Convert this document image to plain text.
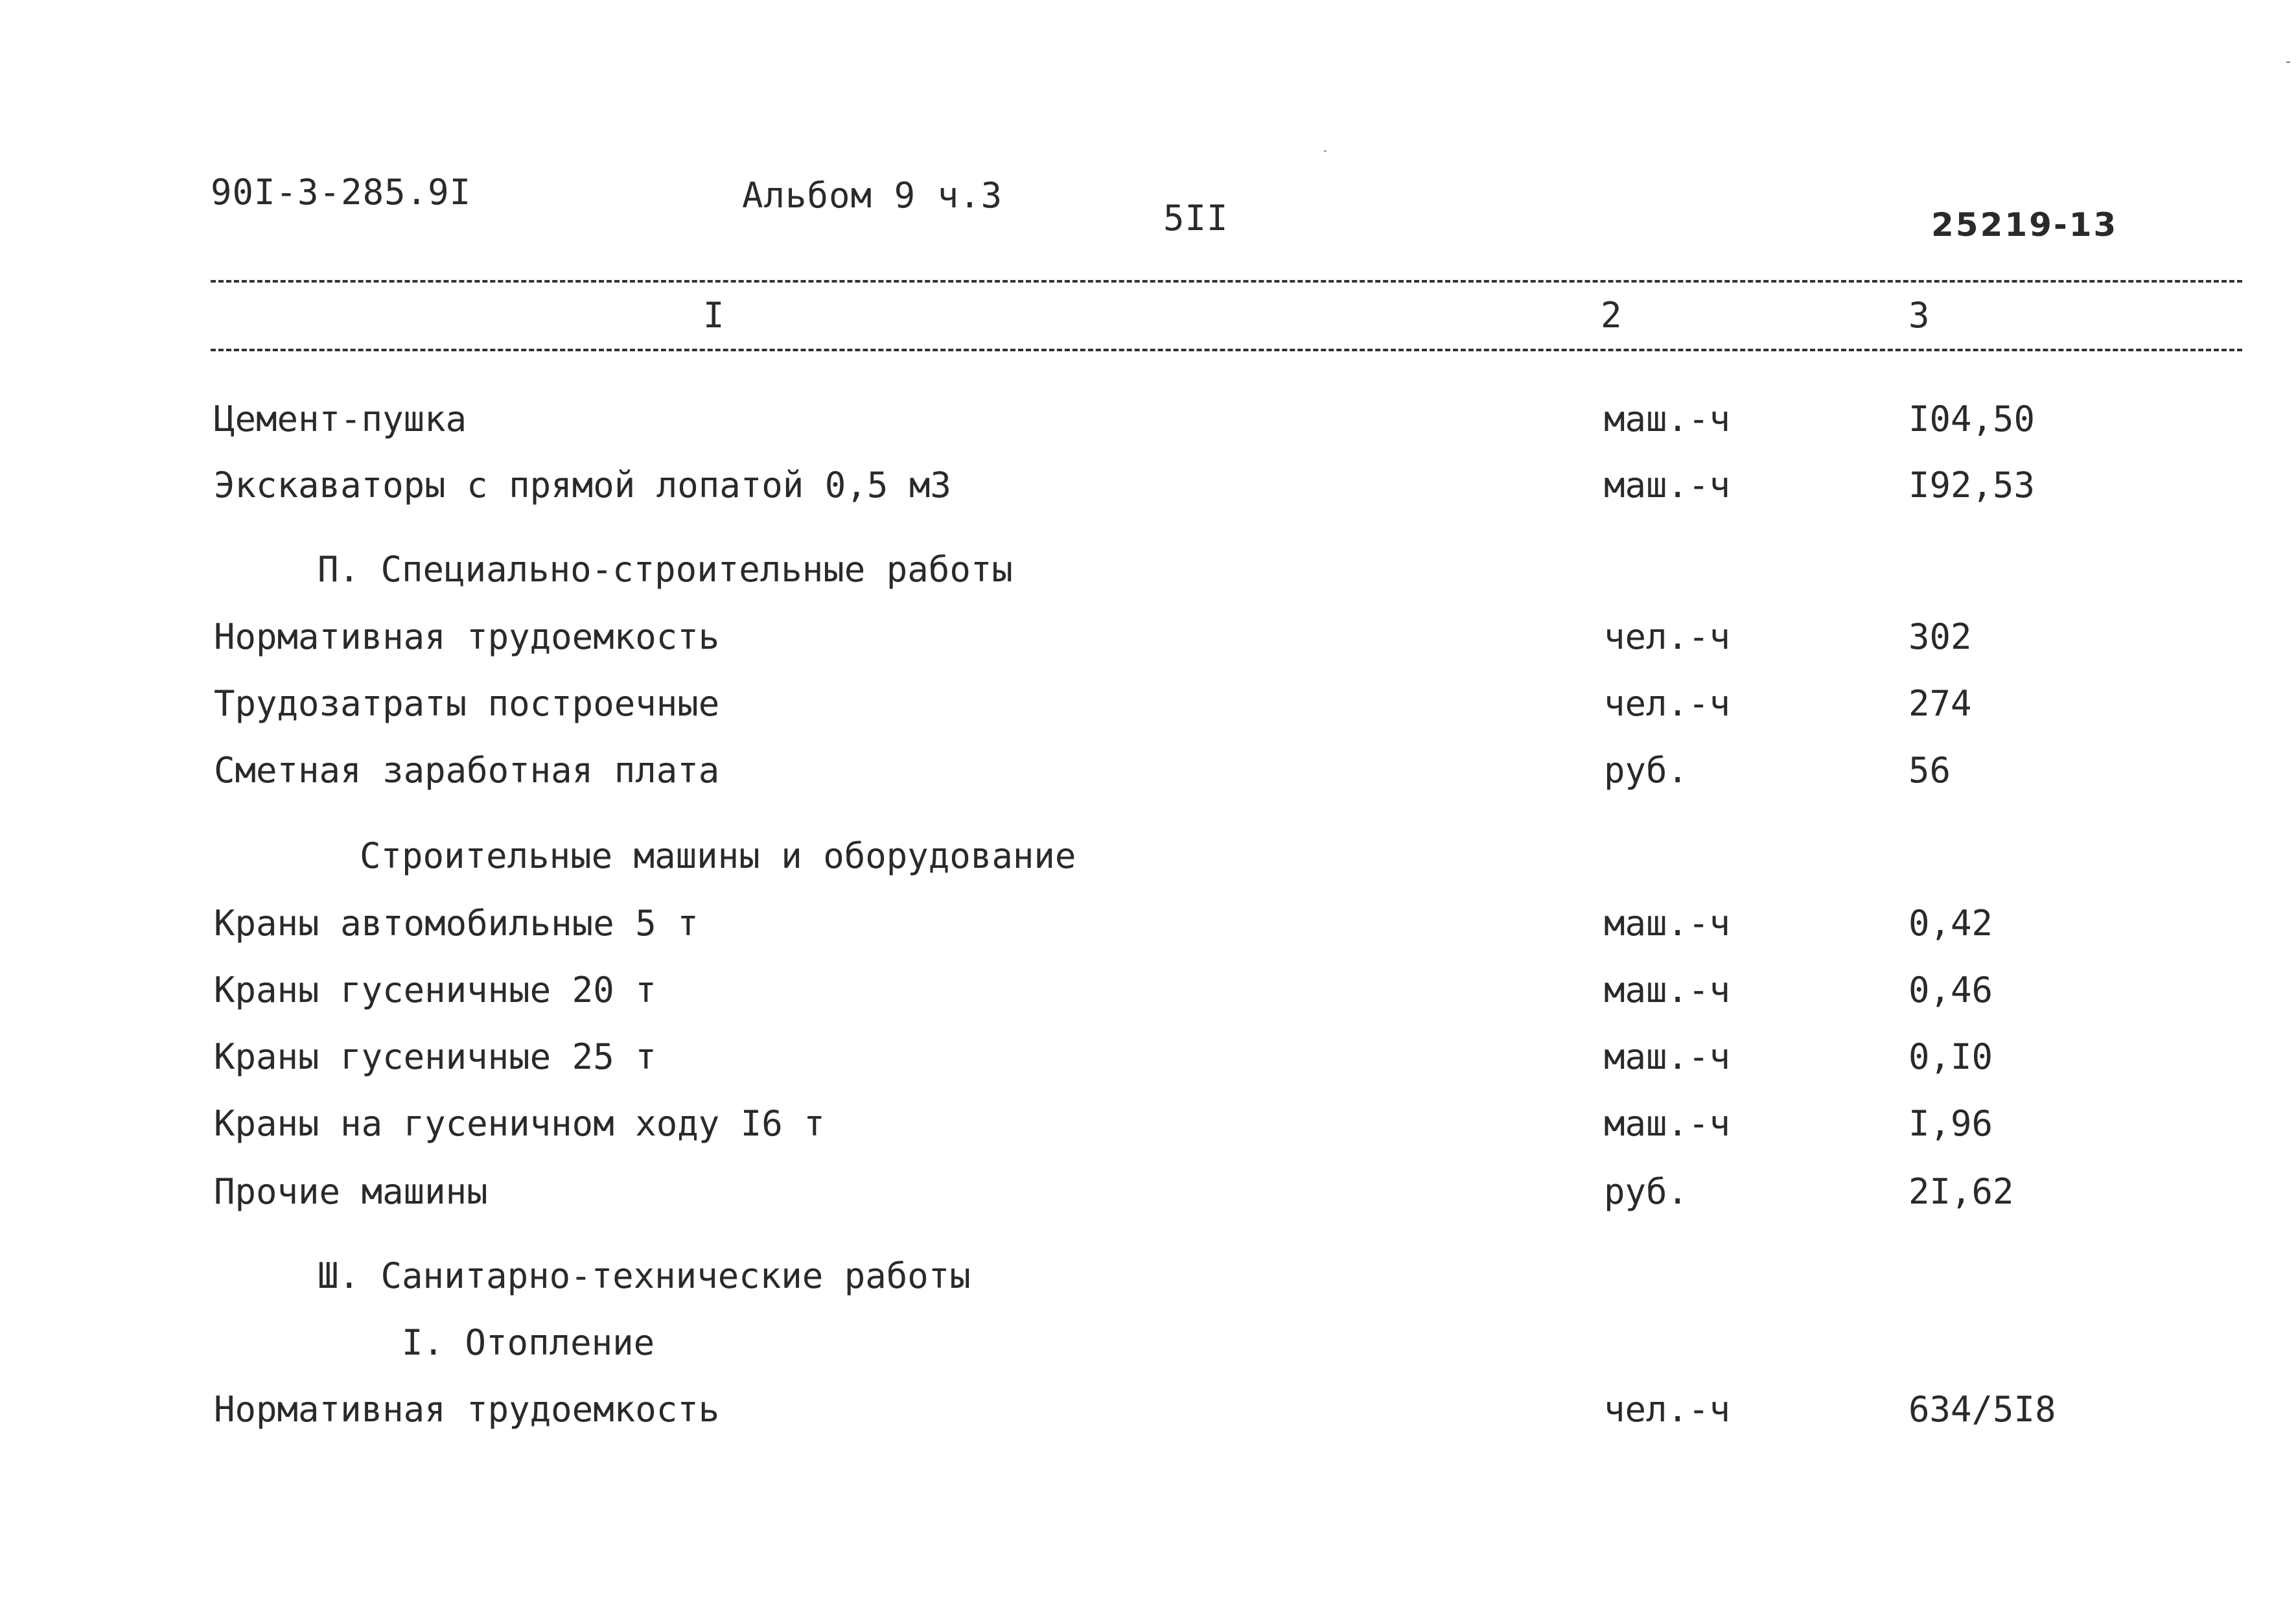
90I-3-285.9I	Альбом 9 ч.3
5II	25219-13
I	2	3
Цемент-пушка	маш.-ч	I04,50
Экскаваторы с прямой лопатой 0,5 м3	маш.-ч	I92,53
П. Специально-строительные работы
Нормативная трудоемкость	чел.-ч	302
Трудозатраты построечные	чел.-ч	274
Сметная заработная плата	руб.	56
Строительные машины и оборудование
Краны автомобильные 5 т	маш.-ч	0,42
Краны гусеничные 20 т	маш.-ч	0,46
Краны гусеничные 25 т	маш.-ч	0,I0
Краны на гусеничном ходу I6 т	маш.-ч	I,96
Прочие машины	руб.	2I,62
Ш. Санитарно-технические работы
I. Отопление
Нормативная трудоемкость	чел.-ч	634/5I8
